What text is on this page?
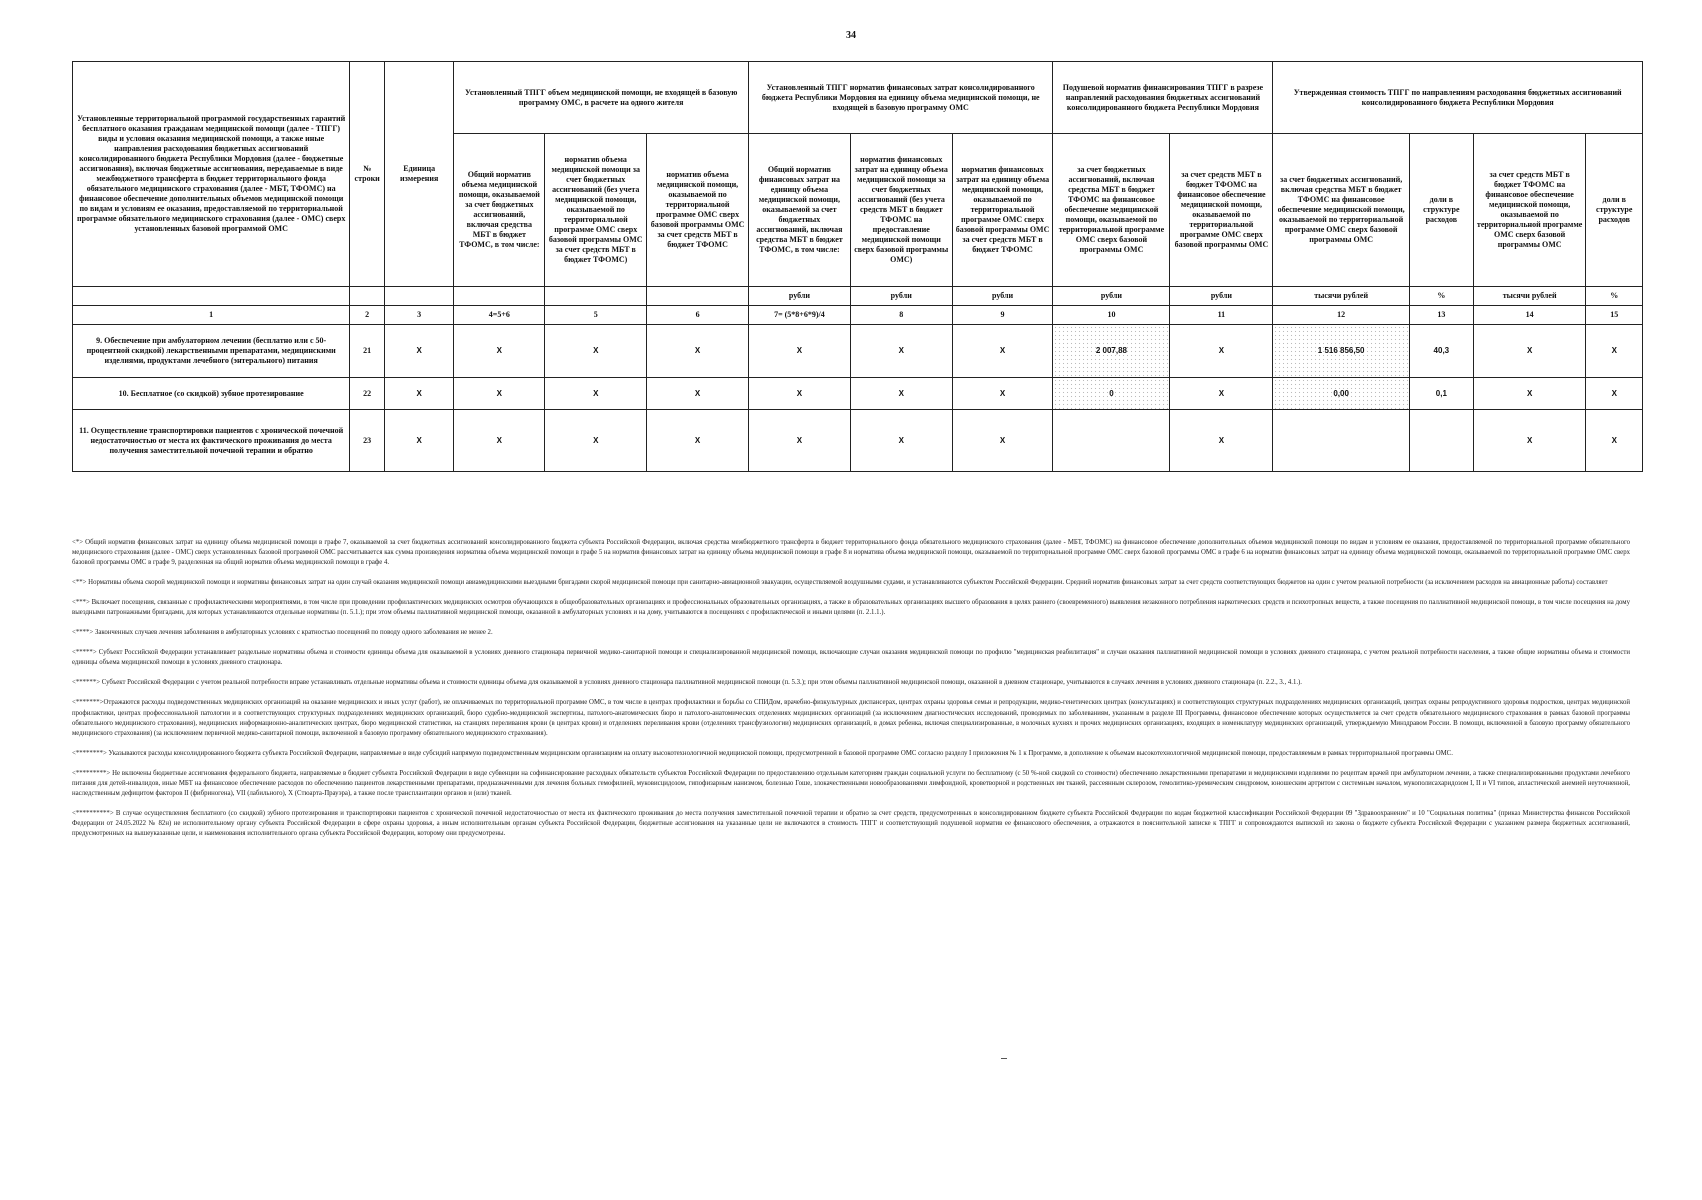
34
Установленные территориальной программой государственных гарантий бесплатного оказания гражданам медицинской помощи (далее - ТПГГ) виды и условия оказания медицинской помощи, а также иные направления расходования бюджетных ассигнований консолидированного бюджета Республики Мордовия (далее - бюджетные ассигнования), включая бюджетные ассигнования, передаваемые в виде межбюджетного трансферта в бюджет территориального фонда обязательного медицинского страхования (далее - МБТ, ТФОМС) на финансовое обеспечение дополнительных объемов медицинской помощи по видам и условиям ее оказания, предоставляемой по территориальной программе обязательного медицинского страхования (далее - ОМС) сверх установленных базовой программой ОМС	№ строки	Единица измерения	Установленный ТПГГ объем медицинской помощи, не входящей в базовую программу ОМС, в расчете на одного жителя			Установленный ТПГГ норматив финансовых затрат консолидированного бюджета Республики Мордовия на единицу объема медицинской помощи, не входящей в базовую программу ОМС			Подушевой норматив финансирования ТПГГ в разрезе направлений расходования бюджетных ассигнований консолидированного бюджета Республики Мордовия		Утвержденная стоимость ТПГГ по направлениям расходования бюджетных ассигнований консолидированного бюджета Республики Мордовия			
			Общий норматив объема медицинской помощи, оказываемой за счет бюджетных ассигнований, включая средства МБТ в бюджет ТФОМС, в том числе:	норматив объема медицинской помощи за счет бюджетных ассигнований (без учета медицинской помощи, оказываемой по территориальной программе ОМС сверх базовой программы ОМС за счет средств МБТ в бюджет ТФОМС)	норматив объема медицинской помощи, оказываемой по территориальной программе ОМС сверх базовой программы ОМС за счет средств МБТ в бюджет ТФОМС	Общий норматив финансовых затрат на единицу объема медицинской помощи, оказываемой за счет бюджетных ассигнований, включая средства МБТ в бюджет ТФОМС, в том числе:	норматив финансовых затрат на единицу объема медицинской помощи за счет бюджетных ассигнований (без учета средств МБТ в бюджет ТФОМС на предоставление медицинской помощи сверх базовой программы ОМС)	норматив финансовых затрат на единицу объема медицинской помощи, оказываемой по территориальной программе ОМС сверх базовой программы ОМС за счет средств МБТ в бюджет ТФОМС	за счет бюджетных ассигнований, включая средства МБТ в бюджет ТФОМС на финансовое обеспечение медицинской помощи, оказываемой по территориальной программе ОМС сверх базовой программы ОМС	за счет средств МБТ в бюджет ТФОМС на финансовое обеспечение медицинской помощи, оказываемой по территориальной программе ОМС сверх базовой программы ОМС	за счет бюджетных ассигнований, включая средства МБТ в бюджет ТФОМС на финансовое обеспечение медицинской помощи, оказываемой по территориальной программе ОМС сверх базовой программы ОМС	доли в структуре расходов	за счет средств МБТ в бюджет ТФОМС на финансовое обеспечение медицинской помощи, оказываемой по территориальной программе ОМС сверх базовой программы ОМС	доли в структуре расходов
						рубли	рубли	рубли	рубли	рубли	тысячи рублей	%	тысячи рублей	%
1	2	3	4=5+6	5	6	7= (5*8+6*9)/4	8	9	10	11	12	13	14	15
9. Обеспечение при амбулаторном лечении (бесплатно или с 50-процентной скидкой) лекарственными препаратами, медицинскими изделиями, продуктами лечебного (энтерального) питания	21	Х	Х	Х	Х	Х	Х	Х	2 007,88	Х	1 516 856,50	40,3	Х	Х
10. Бесплатное (со скидкой) зубное протезирование	22	Х	Х	Х	Х	Х	Х	Х	0	Х	0,00	0,1	Х	Х
11. Осуществление транспортировки пациентов с хронической почечной недостаточностью от места их фактического проживания до места получения заместительной почечной терапии и обратно	23	Х	Х	Х	Х	Х	Х	Х		Х			Х	Х

<*> Общий норматив финансовых затрат на единицу объема медицинской помощи в графе 7, оказываемой за счет бюджетных ассигнований консолидированного бюджета субъекта Российской Федерации, включая средства межбюджетного трансферта в бюджет территориального фонда обязательного медицинского страхования (далее - МБТ, ТФОМС) на финансовое обеспечение дополнительных объемов медицинской помощи по видам и условиям ее оказания, предоставляемой по территориальной программе обязательного медицинского страхования (далее - ОМС) сверх установленных базовой программой ОМС рассчитывается как сумма произведения норматива объема медицинской помощи в графе 5 на норматив финансовых затрат на единицу объема медицинской помощи в графе 8 и норматива объема медицинской помощи, оказываемой по территориальной программе ОМС сверх базовой программы ОМС в графе 6 на норматив финансовых затрат на единицу объема медицинской помощи, оказываемой по территориальной программе ОМС сверх базовой программы ОМС в графе 9, разделенная на общий норматив объема медицинской помощи в графе 4.

<**> Нормативы объема скорой медицинской помощи и нормативы финансовых затрат на один случай оказания медицинской помощи авиамедицинскими выездными бригадами скорой медицинской помощи при санитарно-авиационной эвакуации, осуществляемой воздушными судами, и устанавливаются субъектом Российской Федерации. Средний норматив финансовых затрат за счет средств соответствующих бюджетов на один с учетом реальной потребности (за исключением расходов на авиационные работы) составляет

<***> Включает посещения, связанные с профилактическими мероприятиями, в том числе при проведении профилактических медицинских осмотров обучающихся в общеобразовательных организациях и профессиональных образовательных организациях, а также в образовательных организациях высшего образования в целях раннего (своевременного) выявления незаконного потребления наркотических средств и психотропных веществ, а также посещения по паллиативной медицинской помощи, в том числе посещения на дому выездными патронажными бригадами, для которых устанавливаются отдельные нормативы (п. 5.1.); при этом объемы паллиативной медицинской помощи, оказанной в амбулаторных условиях и на дому, учитываются в посещениях с профилактической и иными целями (п. 2.1.1.).

<****> Законченных случаев лечения заболевания в амбулаторных условиях с кратностью посещений по поводу одного заболевания не менее 2.

<*****> Субъект Российской Федерации устанавливает раздельные нормативы объема и стоимости единицы объема для оказываемой в условиях дневного стационара первичной медико-санитарной помощи и специализированной медицинской помощи, включающие случаи оказания медицинской помощи по профилю "медицинская реабилитация" и случаи оказания паллиативной медицинской помощи в условиях дневного стационара, с учетом реальной потребности населения, а также общие нормативы объема и стоимости единицы объема медицинской помощи в условиях дневного стационара.

<******> Субъект Российской Федерации с учетом реальной потребности вправе устанавливать отдельные нормативы объема и стоимости единицы объема для оказываемой в условиях дневного стационара паллиативной медицинской помощи (п. 5.3.); при этом объемы паллиативной медицинской помощи, оказанной в дневном стационаре, учитываются в случаях лечения в условиях дневного стационара (п. 2.2., 3., 4.1.).

<*******>Отражаются расходы подведомственных медицинских организаций на оказание медицинских и иных услуг (работ), не оплачиваемых по территориальной программе ОМС, в том числе в центрах профилактики и борьбы со СПИДом, врачебно-физкультурных диспансерах, центрах охраны здоровья семьи и репродукции, медико-генетических центрах (консультациях) и соответствующих структурных подразделениях медицинских организаций, центрах охраны репродуктивного здоровья подростков, центрах медицинской профилактики, центрах профессиональной патологии и в соответствующих структурных подразделениях медицинских организаций, бюро судебно-медицинской экспертизы, патолого-анатомических бюро и патолого-анатомических отделениях медицинских организаций (за исключением диагностических исследований, проводимых по заболеваниям, указанным в разделе III Программы, финансовое обеспечение которых осуществляется за счет средств обязательного медицинского страхования в рамках базовой программы обязательного медицинского страхования), медицинских информационно-аналитических центрах, бюро медицинской статистики, на станциях переливания крови (в центрах крови) и отделениях переливания крови (отделениях трансфузиологии) медицинских организаций, в домах ребенка, включая специализированные, в молочных кухнях и прочих медицинских организациях, входящих в номенклатуру медицинских организаций, утверждаемую Минздравом России. В помощи, включенной в базовую программу обязательного медицинского страхования) (за исключением первичной медико-санитарной помощи, включенной в базовую программу обязательного медицинского страхования).

<********> Указываются расходы консолидированного бюджета субъекта Российской Федерации, направляемые в виде субсидий напрямую подведомственным медицинским организациям на оплату высокотехнологичной медицинской помощи, предусмотренной в базовой программе ОМС согласно разделу I приложения № 1 к Программе, в дополнение к объемам высокотехнологичной медицинской помощи, предоставляемым в рамках территориальной программы ОМС.

<*********> Не включены бюджетные ассигнования федерального бюджета, направляемые в бюджет субъекта Российской Федерации в виде субвенции на софинансирование расходных обязательств субъектов Российской Федерации по предоставлению отдельным категориям граждан социальной услуги по бесплатному (с 50 %-ной скидкой со стоимости) обеспечению лекарственными препаратами и медицинскими изделиями по рецептам врачей при амбулаторном лечении, а также специализированными продуктами лечебного питания для детей-инвалидов, иные МБТ на финансовое обеспечение расходов по обеспечению пациентов лекарственными препаратами, предназначенными для лечения больных гемофилией, муковисцидозом, гипофизарным нанизмом, болезнью Гоше, злокачественными новообразованиями лимфоидной, кроветворной и родственных им тканей, рассеянным склерозом, гемолитико-уремическим синдромом, юношеским артритом с системным началом, мукополисахаридозом I, II и VI типов, апластической анемией неуточненной, наследственным дефицитом факторов II (фибриногена), VII (лабильного), X (Стюарта-Прауэра), а также после трансплантации органов и (или) тканей.

<**********> В случае осуществления бесплатного (со скидкой) зубного протезирования и транспортировки пациентов с хронической почечной недостаточностью от места их фактического проживания до места получения заместительной почечной терапии и обратно за счет средств, предусмотренных в консолидированном бюджете субъекта Российской Федерации по кодам бюджетной классификации Российской Федерации 09 "Здравоохранение" и 10 "Социальная политика" (приказ Министерства финансов Российской Федерации от 24.05.2022 № 82н) не исполнительному органу субъекта Российской Федерации в сфере охраны здоровья, а иным исполнительным органам субъекта Российской Федерации, бюджетные ассигнования на указанные цели не включаются в стоимость ТПГГ и соответствующий подушевой норматив ее финансового обеспечения, а отражаются в пояснительной записке к ТПГГ и сопровождаются выпиской из закона о бюджете субъекта Российской Федерации с указанием размера бюджетных ассигнований, предусмотренных на вышеуказанные цели, и наименования исполнительного органа субъекта Российской Федерации, которому они предусмотрены.
